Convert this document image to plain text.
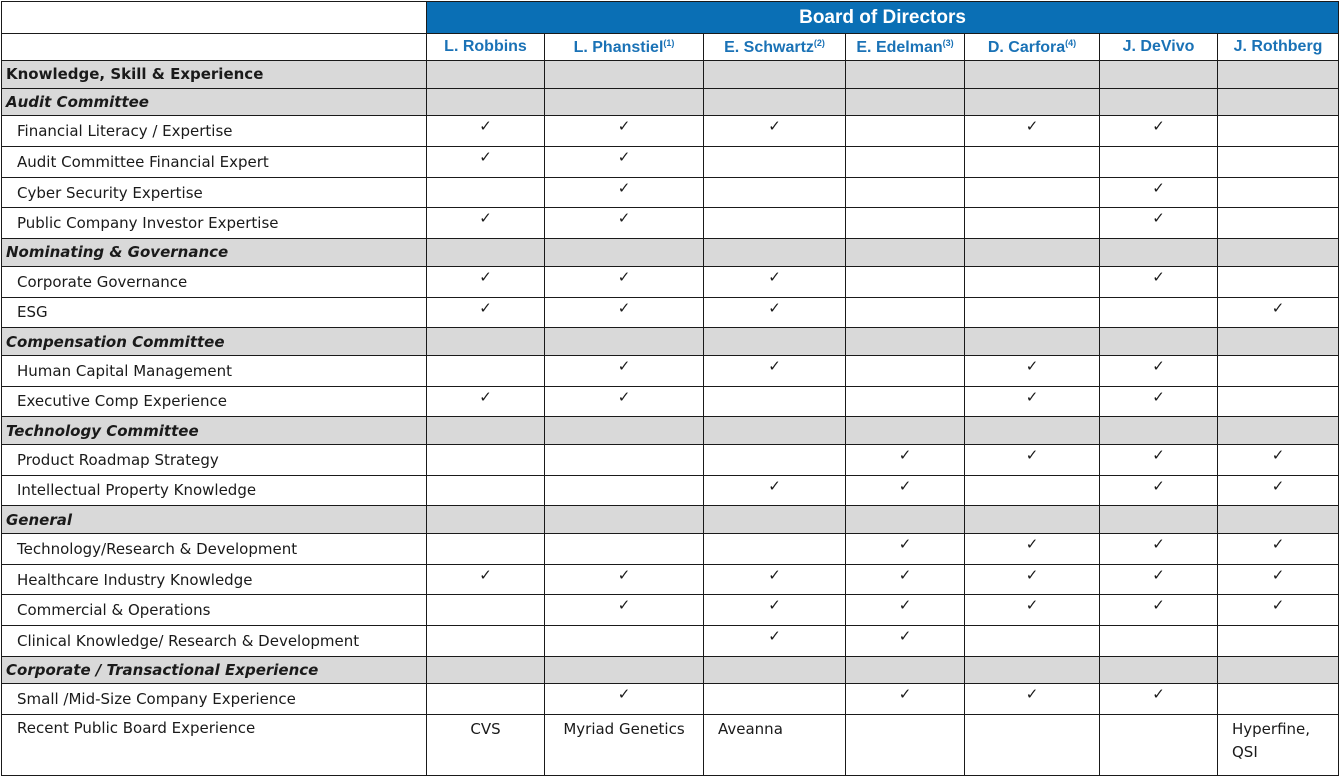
	Board of Directors						
	L. Robbins	L. Phanstiel$^{(1)}$	E. Schwartz$^{(2)}$	E. Edelman$^{(3)}$	D. Carfora$^{(4)}$	J. DeVivo	J. Rothberg
Knowledge, Skill & Experience							
Audit Committee							
Financial Literacy / Expertise	✓	✓	✓		✓	✓	
Audit Committee Financial Expert	✓	✓					
Cyber Security Expertise		✓				✓	
Public Company Investor Expertise	✓	✓				✓	
Nominating & Governance							
Corporate Governance	✓	✓	✓			✓	
ESG	✓	✓	✓				✓
Compensation Committee							
Human Capital Management		✓	✓		✓	✓	
Executive Comp Experience	✓	✓			✓	✓	
Technology Committee							
Product Roadmap Strategy				✓	✓	✓	✓
Intellectual Property Knowledge			✓	✓		✓	✓
General							
Technology/Research & Development				✓	✓	✓	✓
Healthcare Industry Knowledge	✓	✓	✓	✓	✓	✓	✓
Commercial & Operations		✓	✓	✓	✓	✓	✓
Clinical Knowledge/ Research & Development			✓	✓			
Corporate / Transactional Experience							
Small /Mid-Size Company Experience		✓		✓	✓	✓	
Recent Public Board Experience	CVS	Myriad Genetics	Aveanna				Hyperfine, QSI
